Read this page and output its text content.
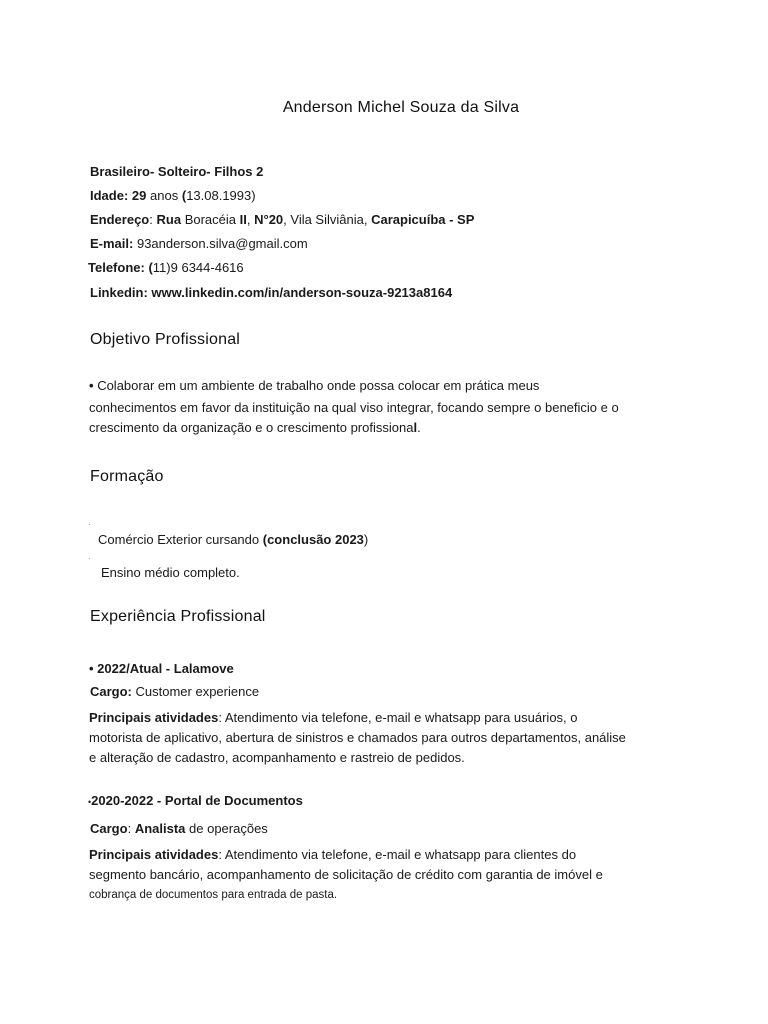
Anderson Michel Souza da Silva
Brasileiro- Solteiro- Filhos 2
Idade: 29 anos (13.08.1993)
Endereço: Rua Boracéia II, N°20, Vila Silviânia, Carapicuíba - SP
E-mail: 93anderson.silva@gmail.com
Telefone: (11)9 6344-4616
Linkedin: www.linkedin.com/in/anderson-souza-9213a8164
Objetivo Profissional
• Colaborar em um ambiente de trabalho onde possa colocar em prática meus
conhecimentos em favor da instituição na qual viso integrar, focando sempre o beneficio e o
crescimento da organização e o crescimento profissional.
Formação
·
Comércio Exterior cursando (conclusão 2023)
·
Ensino médio completo.
Experiência Profissional
• 2022/Atual - Lalamove
Cargo: Customer experience
Principais atividades: Atendimento via telefone, e-mail e whatsapp para usuários, o
motorista de aplicativo, abertura de sinistros e chamados para outros departamentos, análise
e alteração de cadastro, acompanhamento e rastreio de pedidos.
•2020-2022 - Portal de Documentos
Cargo: Analista de operações
Principais atividades: Atendimento via telefone, e-mail e whatsapp para clientes do
segmento bancário, acompanhamento de solicitação de crédito com garantia de imóvel e
cobrança de documentos para entrada de pasta.
